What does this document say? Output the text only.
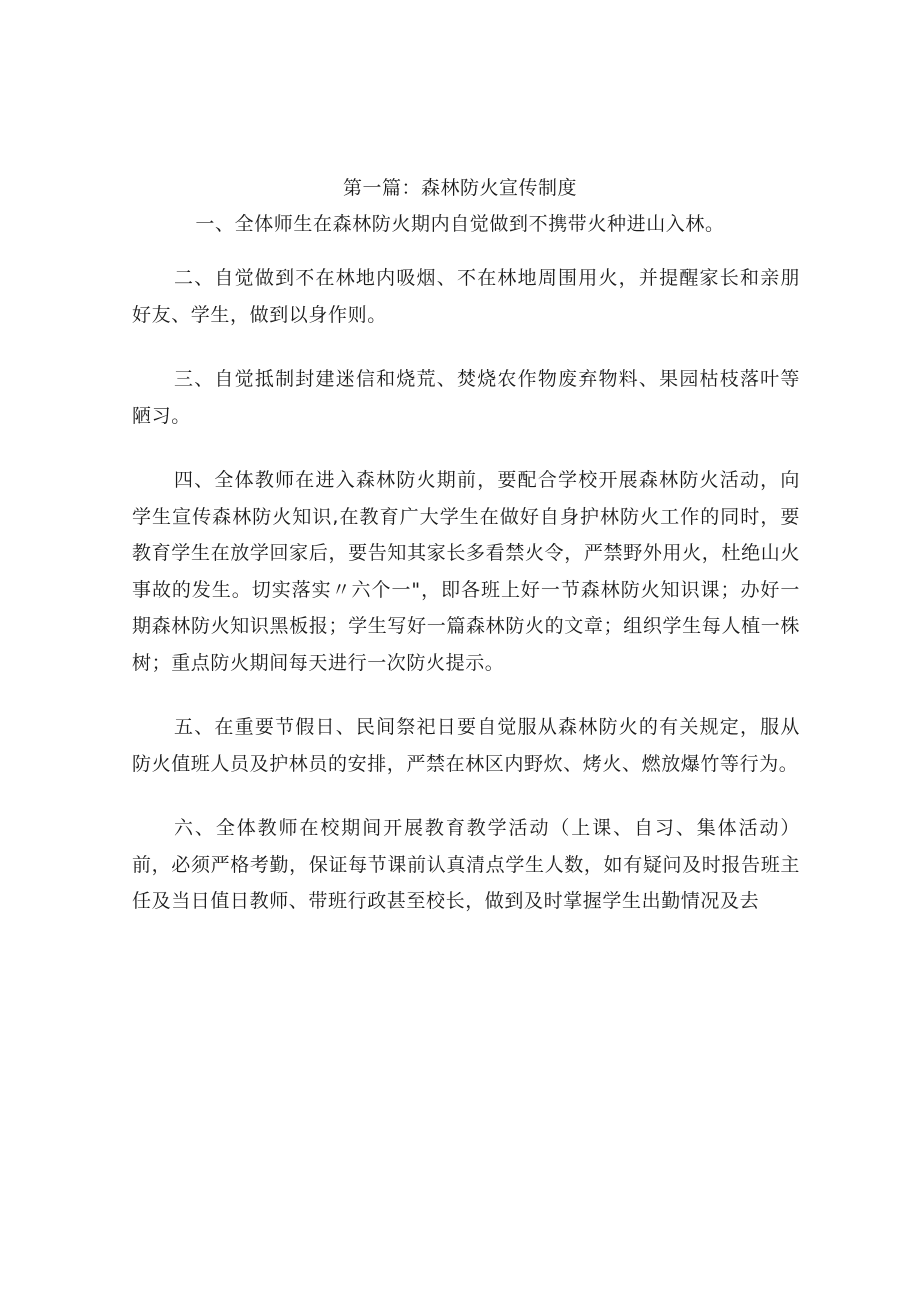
第一篇：森林防火宣传制度
一、全体师生在森林防火期内自觉做到不携带火种进山入林。

二、自觉做到不在林地内吸烟、不在林地周围用火，并提醒家长和亲朋好友、学生，做到以身作则。

三、自觉抵制封建迷信和烧荒、焚烧农作物废弃物料、果园枯枝落叶等陋习。

四、全体教师在进入森林防火期前，要配合学校开展森林防火活动，向学生宣传森林防火知识,在教育广大学生在做好自身护林防火工作的同时，要教育学生在放学回家后，要告知其家长多看禁火令，严禁野外用火，杜绝山火事故的发生。切实落实〃六个一"，即各班上好一节森林防火知识课；办好一期森林防火知识黑板报；学生写好一篇森林防火的文章；组织学生每人植一株树；重点防火期间每天进行一次防火提示。

五、在重要节假日、民间祭祀日要自觉服从森林防火的有关规定，服从防火值班人员及护林员的安排，严禁在林区内野炊、烤火、燃放爆竹等行为。

六、全体教师在校期间开展教育教学活动（上课、自习、集体活动）前，必须严格考勤，保证每节课前认真清点学生人数，如有疑问及时报告班主任及当日值日教师、带班行政甚至校长，做到及时掌握学生出勤情况及去
